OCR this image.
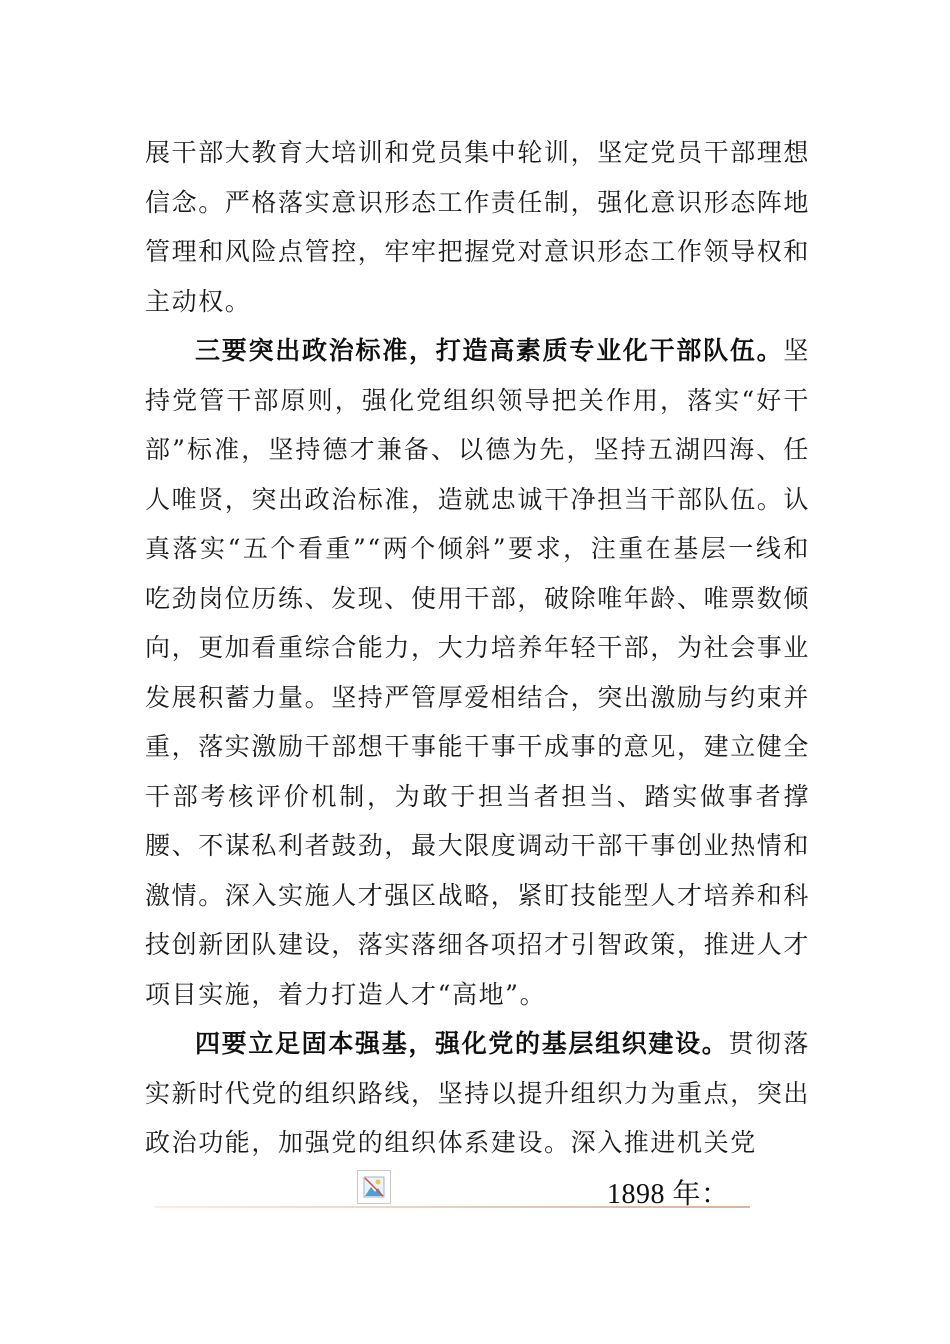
展干部大教育大培训和党员集中轮训，坚定党员干部理想信念。严格落实意识形态工作责任制，强化意识形态阵地管理和风险点管控，牢牢把握党对意识形态工作领导权和主动权。

三要突出政治标准，打造高素质专业化干部队伍。坚持党管干部原则，强化党组织领导把关作用，落实“好干部”标准，坚持德才兼备、以德为先，坚持五湖四海、任人唯贤，突出政治标准，造就忠诚干净担当干部队伍。认真落实“五个看重”“两个倾斜”要求，注重在基层一线和吃劲岗位历练、发现、使用干部，破除唯年龄、唯票数倾向，更加看重综合能力，大力培养年轻干部，为社会事业发展积蓄力量。坚持严管厚爱相结合，突出激励与约束并重，落实激励干部想干事能干事干成事的意见，建立健全干部考核评价机制，为敢于担当者担当、踏实做事者撑腰、不谋私利者鼓劲，最大限度调动干部干事创业热情和激情。深入实施人才强区战略，紧盯技能型人才培养和科技创新团队建设，落实落细各项招才引智政策，推进人才项目实施，着力打造人才“高地”。

四要立足固本强基，强化党的基层组织建设。贯彻落实新时代党的组织路线，坚持以提升组织力为重点，突出政治功能，加强党的组织体系建设。深入推进机关党

1898 年：
